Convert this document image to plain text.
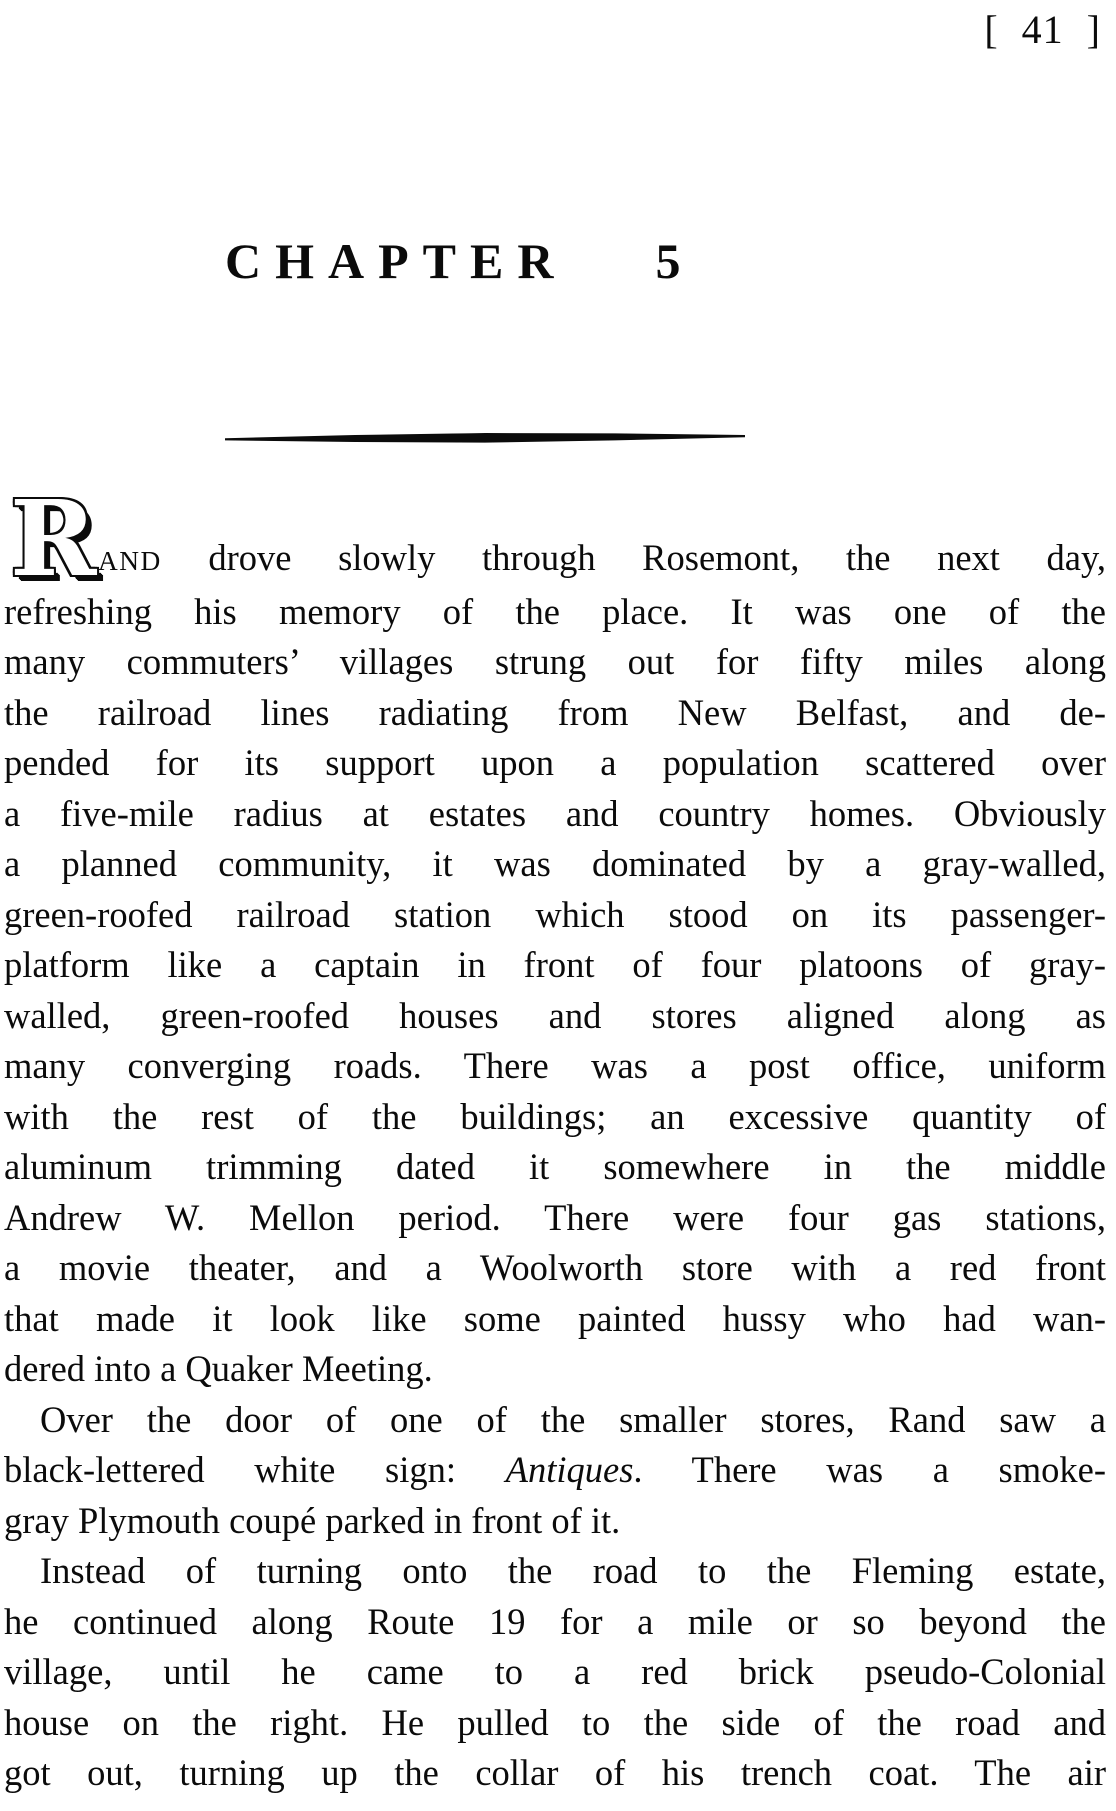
[ 41 ]
CHAPTER 5
R AND drove slowly through Rosemont, the next day,
refreshing his memory of the place. It was one of the
many commuters’ villages strung out for fifty miles along
the railroad lines radiating from New Belfast, and de-
pended for its support upon a population scattered over
a five-mile radius at estates and country homes. Obviously
a planned community, it was dominated by a gray-walled,
green-roofed railroad station which stood on its passenger-
platform like a captain in front of four platoons of gray-
walled, green-roofed houses and stores aligned along as
many converging roads. There was a post office, uniform
with the rest of the buildings; an excessive quantity of
aluminum trimming dated it somewhere in the middle
Andrew W. Mellon period. There were four gas stations,
a movie theater, and a Woolworth store with a red front
that made it look like some painted hussy who had wan-
dered into a Quaker Meeting.
Over the door of one of the smaller stores, Rand saw a
black-lettered white sign: Antiques. There was a smoke-
gray Plymouth coupé parked in front of it.
Instead of turning onto the road to the Fleming estate,
he continued along Route 19 for a mile or so beyond the
village, until he came to a red brick pseudo-Colonial
house on the right. He pulled to the side of the road and
got out, turning up the collar of his trench coat. The air
